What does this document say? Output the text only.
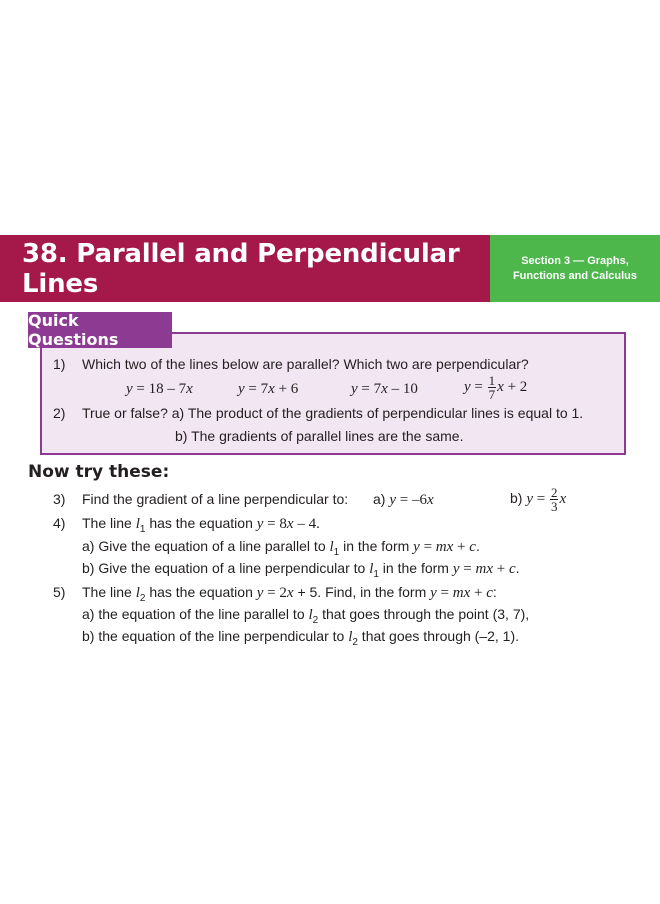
38. Parallel and Perpendicular Lines
Section 3 — Graphs,
Functions and Calculus
Quick Questions
1) Which two of the lines below are parallel? Which two are perpendicular?
y = 18 – 7x	y = 7x + 6	y = 7x – 10	$y = \frac{1}{7}$ x + 2
2) True or false? a) The product of the gradients of perpendicular lines is equal to 1.
b) The gradients of parallel lines are the same.
Now try these:
3) Find the gradient of a line perpendicular to: a) y = –6x	b) $y = \frac{2}{3}$ x
4) The line $l_1$ has the equation y = 8x – 4.
a) Give the equation of a line parallel to $l_1$ in the form y = mx + c.
b) Give the equation of a line perpendicular to $l_1$ in the form y = mx + c.
5) The line $l_2$ has the equation y = 2x + 5. Find, in the form y = mx + c:
a) the equation of the line parallel to $l_2$ that goes through the point (3, 7),
b) the equation of the line perpendicular to $l_2$ that goes through (–2, 1).
